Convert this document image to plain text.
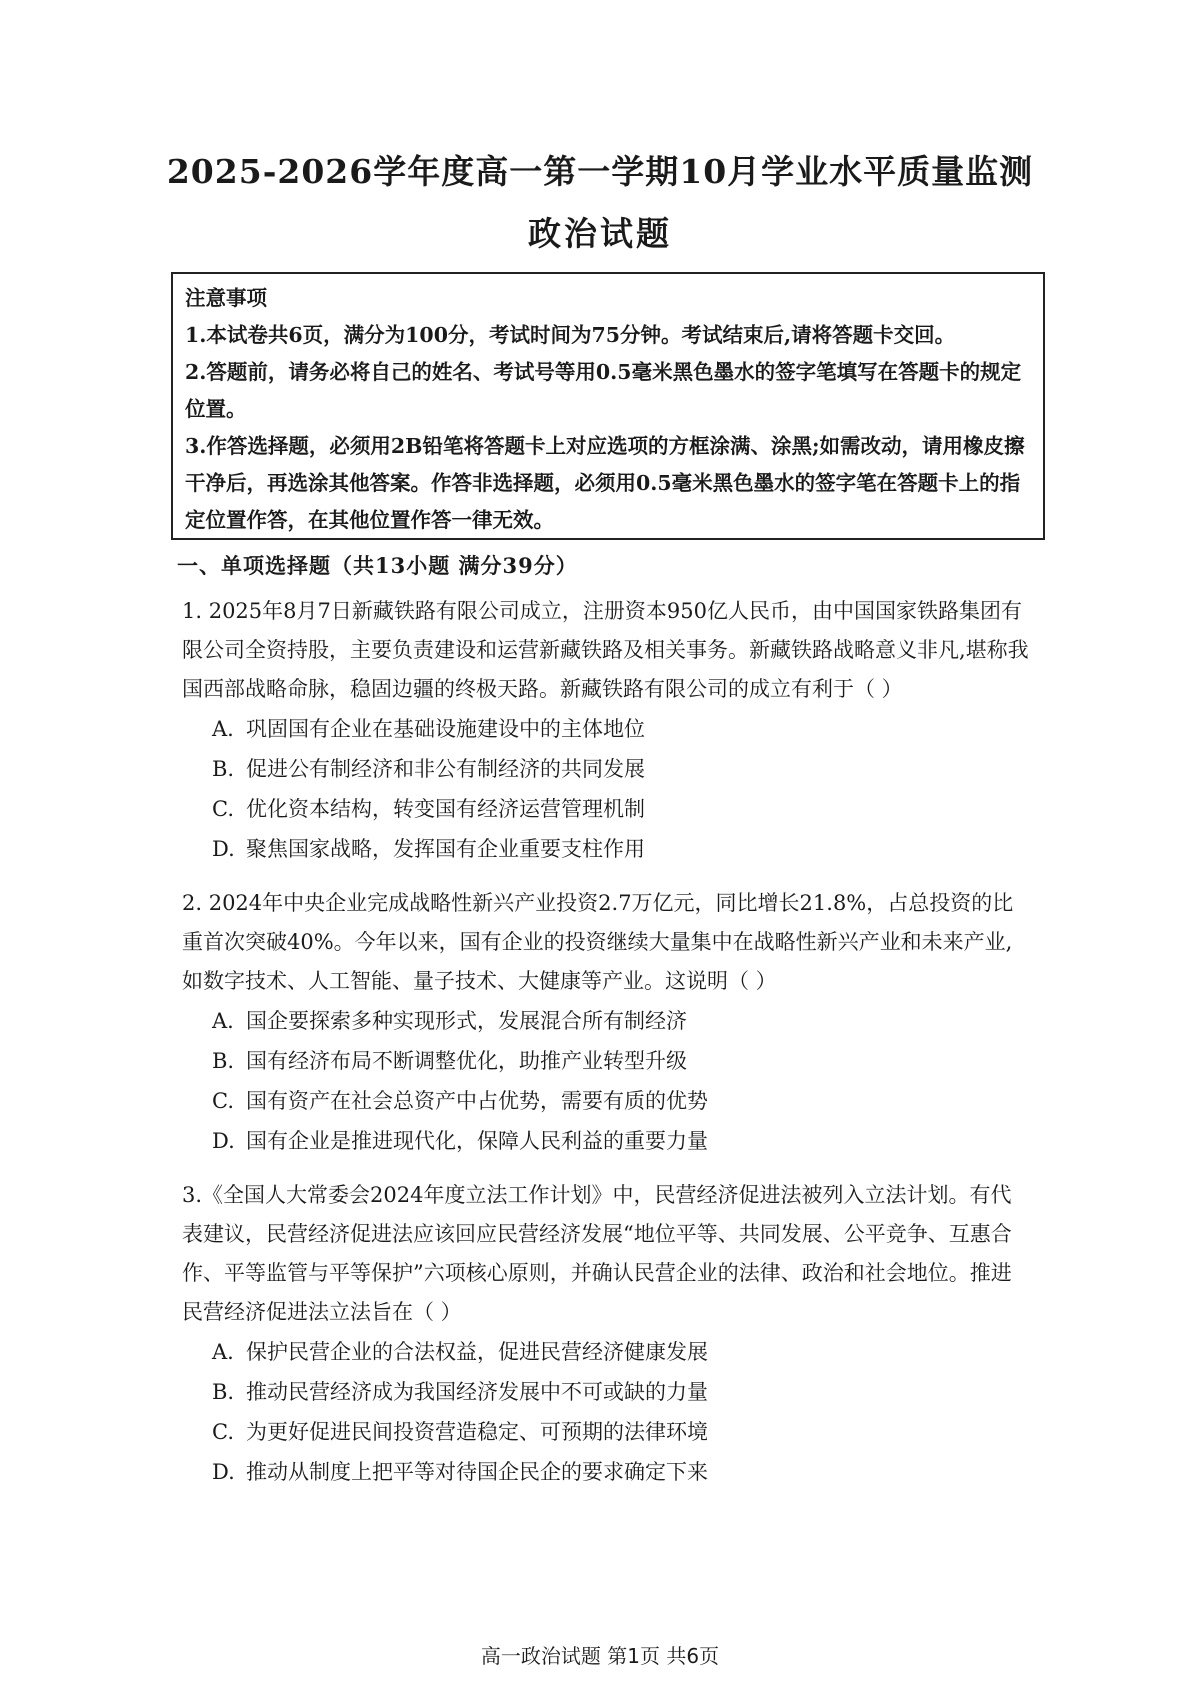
2025-2026学年度高一第一学期10月学业水平质量监测
政治试题

注意事项

1.本试卷共6页，满分为100分，考试时间为75分钟。考试结束后,请将答题卡交回。

2.答题前，请务必将自己的姓名、考试号等用0.5毫米黑色墨水的签字笔填写在答题卡的规定位置。

3.作答选择题，必须用2B铅笔将答题卡上对应选项的方框涂满、涂黑;如需改动，请用橡皮擦干净后，再选涂其他答案。作答非选择题，必须用0.5毫米黑色墨水的签字笔在答题卡上的指定位置作答，在其他位置作答一律无效。

一、单项选择题（共13小题 满分39分）

1. 2025年8月7日新藏铁路有限公司成立，注册资本950亿人民币，由中国国家铁路集团有限公司全资持股，主要负责建设和运营新藏铁路及相关事务。新藏铁路战略意义非凡,堪称我国西部战略命脉，稳固边疆的终极天路。新藏铁路有限公司的成立有利于（ ）

A. 巩固国有企业在基础设施建设中的主体地位

B. 促进公有制经济和非公有制经济的共同发展

C. 优化资本结构，转变国有经济运营管理机制

D. 聚焦国家战略，发挥国有企业重要支柱作用

2. 2024年中央企业完成战略性新兴产业投资2.7万亿元，同比增长21.8%，占总投资的比重首次突破40%。今年以来，国有企业的投资继续大量集中在战略性新兴产业和未来产业,如数字技术、人工智能、量子技术、大健康等产业。这说明（ ）

A. 国企要探索多种实现形式，发展混合所有制经济

B. 国有经济布局不断调整优化，助推产业转型升级

C. 国有资产在社会总资产中占优势，需要有质的优势

D. 国有企业是推进现代化，保障人民利益的重要力量

3.《全国人大常委会2024年度立法工作计划》中，民营经济促进法被列入立法计划。有代表建议，民营经济促进法应该回应民营经济发展“地位平等、共同发展、公平竞争、互惠合作、平等监管与平等保护”六项核心原则，并确认民营企业的法律、政治和社会地位。推进民营经济促进法立法旨在（ ）

A. 保护民营企业的合法权益，促进民营经济健康发展

B. 推动民营经济成为我国经济发展中不可或缺的力量

C. 为更好促进民间投资营造稳定、可预期的法律环境

D. 推动从制度上把平等对待国企民企的要求确定下来

高一政治试题 第1页 共6页
